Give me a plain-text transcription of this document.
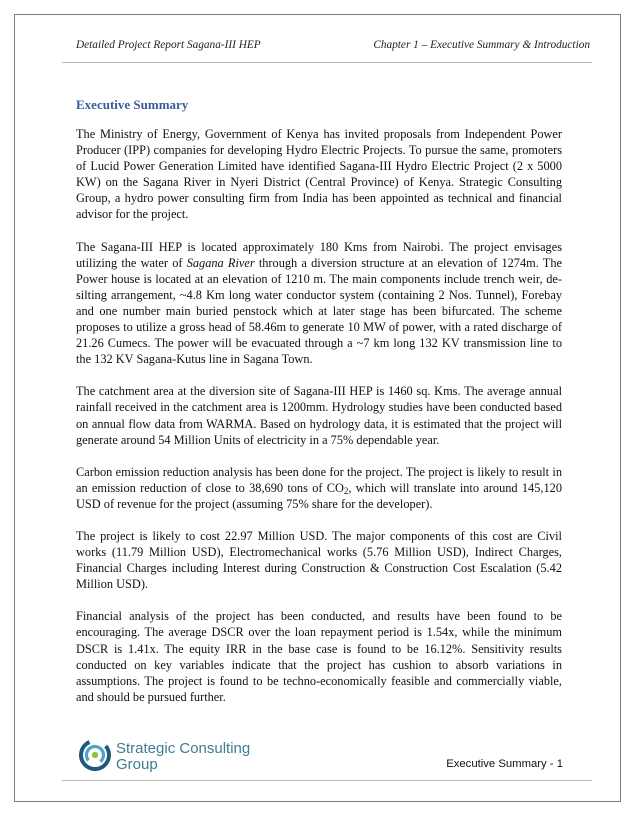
Detailed Project Report Sagana-III HEP	Chapter 1 – Executive Summary & Introduction
Executive Summary

The Ministry of Energy, Government of Kenya has invited proposals from Independent Power Producer (IPP) companies for developing Hydro Electric Projects. To pursue the same, promoters of Lucid Power Generation Limited have identified Sagana-III Hydro Electric Project (2 x 5000 KW) on the Sagana River in Nyeri District (Central Province) of Kenya. Strategic Consulting Group, a hydro power consulting firm from India has been appointed as technical and financial advisor for the project.

The Sagana-III HEP is located approximately 180 Kms from Nairobi. The project envisages utilizing the water of Sagana River through a diversion structure at an elevation of 1274m. The Power house is located at an elevation of 1210 m. The main components include trench weir, de-silting arrangement, ~4.8 Km long water conductor system (containing 2 Nos. Tunnel), Forebay and one number main buried penstock which at later stage has been bifurcated. The scheme proposes to utilize a gross head of 58.46m to generate 10 MW of power, with a rated discharge of 21.26 Cumecs. The power will be evacuated through a ~7 km long 132 KV transmission line to the 132 KV Sagana-Kutus line in Sagana Town.

The catchment area at the diversion site of Sagana-III HEP is 1460 sq. Kms. The average annual rainfall received in the catchment area is 1200mm. Hydrology studies have been conducted based on annual flow data from WARMA. Based on hydrology data, it is estimated that the project will generate around 54 Million Units of electricity in a 75% dependable year.

Carbon emission reduction analysis has been done for the project. The project is likely to result in an emission reduction of close to 38,690 tons of $CO_2$, which will translate into around 145,120 USD of revenue for the project (assuming 75% share for the developer).

The project is likely to cost 22.97 Million USD. The major components of this cost are Civil works (11.79 Million USD), Electromechanical works (5.76 Million USD), Indirect Charges, Financial Charges including Interest during Construction & Construction Cost Escalation (5.42 Million USD).

Financial analysis of the project has been conducted, and results have been found to be encouraging. The average DSCR over the loan repayment period is 1.54x, while the minimum DSCR is 1.41x. The equity IRR in the base case is found to be 16.12%. Sensitivity results conducted on key variables indicate that the project has cushion to absorb variations in assumptions. The project is found to be techno-economically feasible and commercially viable, and should be pursued further.

Strategic Consulting
Group	Executive Summary - 1
